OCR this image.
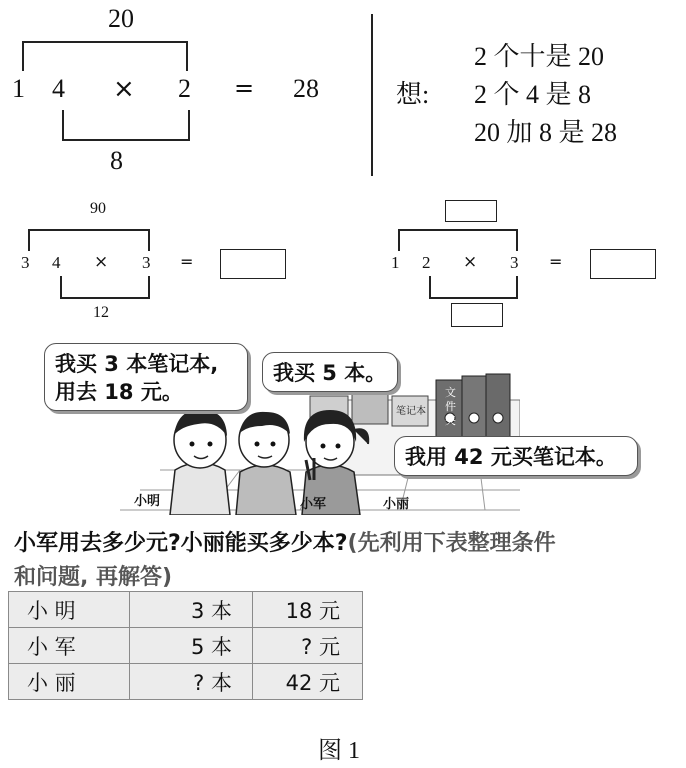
20
1 4 × 2 = 28
8
想:
2 个十是 20
2 个 4 是 8
20 加 8 是 28
90
3 4 × 3 =
12
1 2 × 3 =
文
件
夹
笔记本
小明	小军	小丽
我买 3 本笔记本,
用去 18 元。
我买 5 本。
我用 42 元买笔记本。
小军用去多少元?小丽能买多少本?(先利用下表整理条件
和问题, 再解答)
小 明	3 本	18 元
小 军	5 本	? 元
小 丽	? 本	42 元
图 1
